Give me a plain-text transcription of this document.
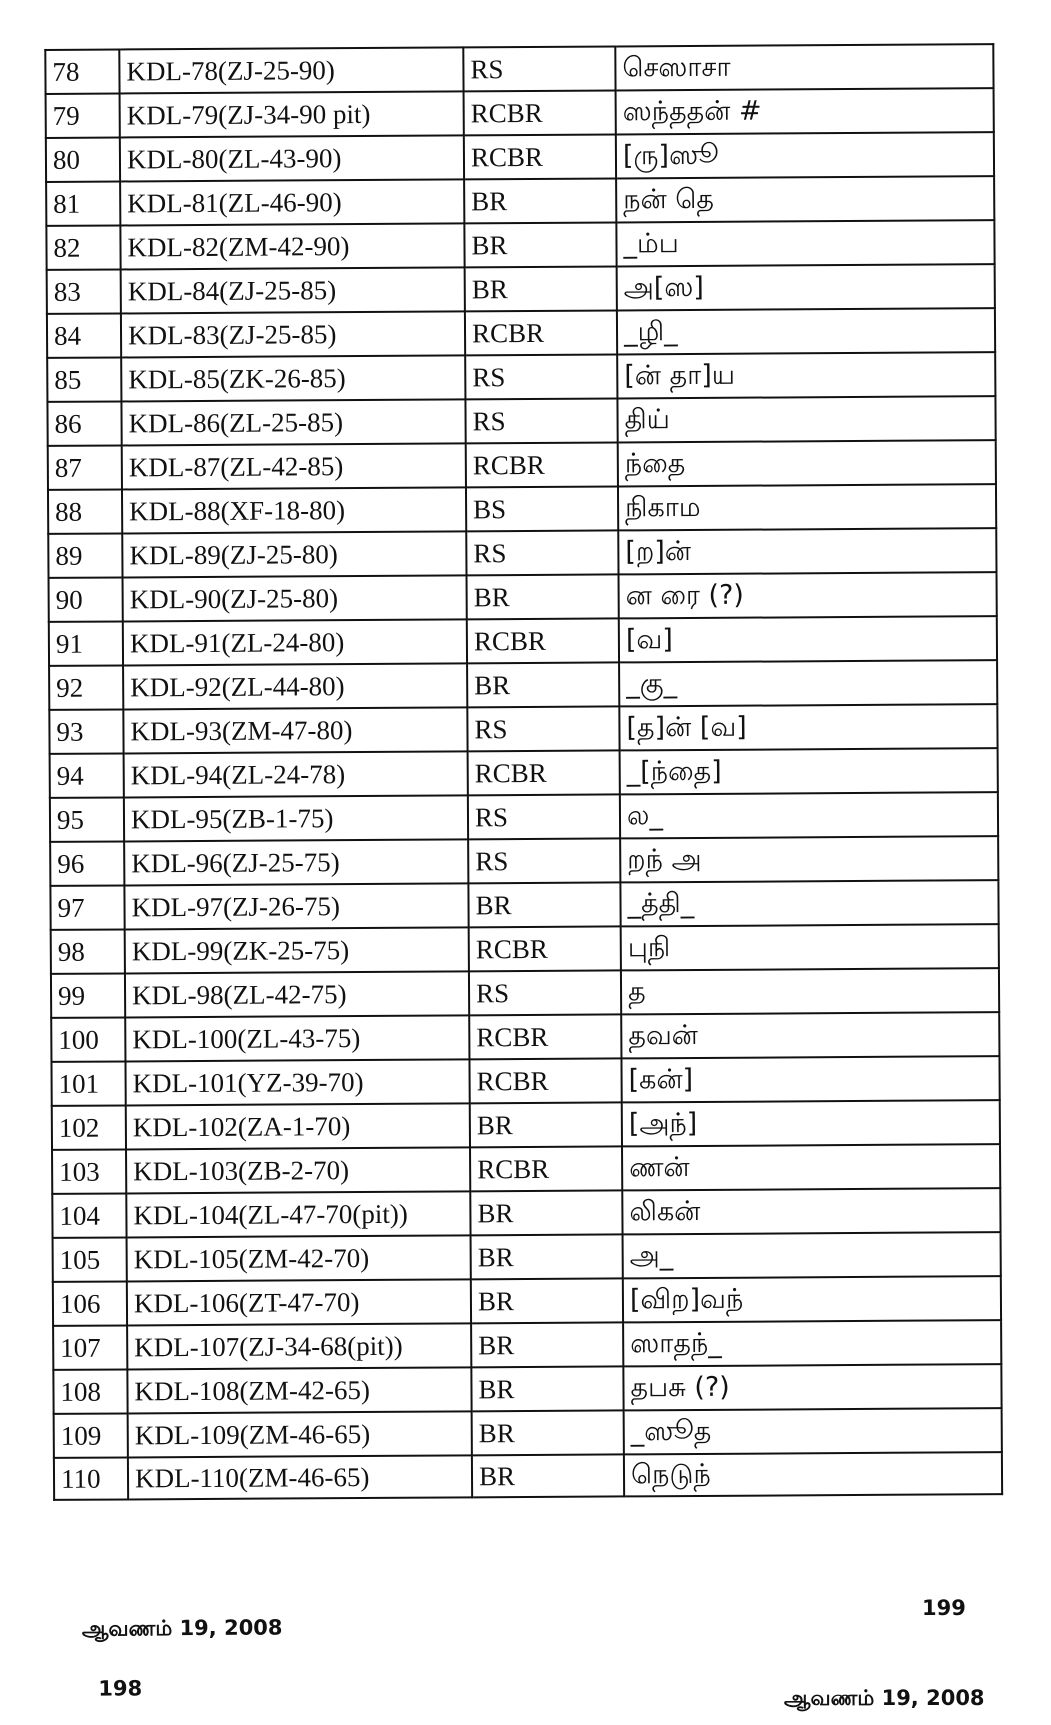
78	KDL-78(ZJ-25-90)	RS	செஸாசா
79	KDL-79(ZJ-34-90 pit)	RCBR	ஸந்ததன் #
80	KDL-80(ZL-43-90)	RCBR	[ரு]ஸூ
81	KDL-81(ZL-46-90)	BR	நன் தெ
82	KDL-82(ZM-42-90)	BR	_ம்ப
83	KDL-84(ZJ-25-85)	BR	அ[ஸ]
84	KDL-83(ZJ-25-85)	RCBR	_ழி_
85	KDL-85(ZK-26-85)	RS	[ன் தா]ய
86	KDL-86(ZL-25-85)	RS	திய்
87	KDL-87(ZL-42-85)	RCBR	ந்தை
88	KDL-88(XF-18-80)	BS	நிகாம
89	KDL-89(ZJ-25-80)	RS	[ற]ன்
90	KDL-90(ZJ-25-80)	BR	ன ரை (?)
91	KDL-91(ZL-24-80)	RCBR	[வ]
92	KDL-92(ZL-44-80)	BR	_கு_
93	KDL-93(ZM-47-80)	RS	[த]ன் [வ]
94	KDL-94(ZL-24-78)	RCBR	_[ந்தை]
95	KDL-95(ZB-1-75)	RS	ல_
96	KDL-96(ZJ-25-75)	RS	றந் அ
97	KDL-97(ZJ-26-75)	BR	_த்தி_
98	KDL-99(ZK-25-75)	RCBR	புநி
99	KDL-98(ZL-42-75)	RS	த
100	KDL-100(ZL-43-75)	RCBR	தவன்
101	KDL-101(YZ-39-70)	RCBR	[கன்]
102	KDL-102(ZA-1-70)	BR	[அந்]
103	KDL-103(ZB-2-70)	RCBR	ணன்
104	KDL-104(ZL-47-70(pit))	BR	லிகன்
105	KDL-105(ZM-42-70)	BR	அ_
106	KDL-106(ZT-47-70)	BR	[விற]வந்
107	KDL-107(ZJ-34-68(pit))	BR	ஸாதந்_
108	KDL-108(ZM-42-65)	BR	தபசு (?)
109	KDL-109(ZM-46-65)	BR	_ஸூத
110	KDL-110(ZM-46-65)	BR	நெடுந்
ஆவணம் 19, 2008
198
199
ஆவணம் 19, 2008
